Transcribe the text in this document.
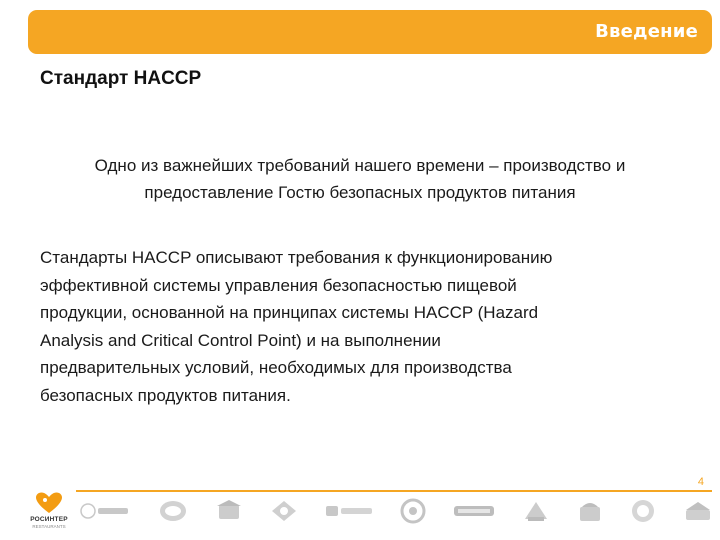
Введение
Стандарт HACCP
Одно из важнейших требований нашего времени – производство и
предоставление Гостю безопасных продуктов питания
Стандарты HACCP описывают требования к функционированию
эффективной системы управления безопасностью пищевой
продукции, основанной на принципах системы HACCP (Hazard
Analysis and Critical Control Point) и на выполнении
предварительных условий, необходимых для производства
безопасных продуктов питания.
4
РОСИНТЕР
RESTAURANTS
